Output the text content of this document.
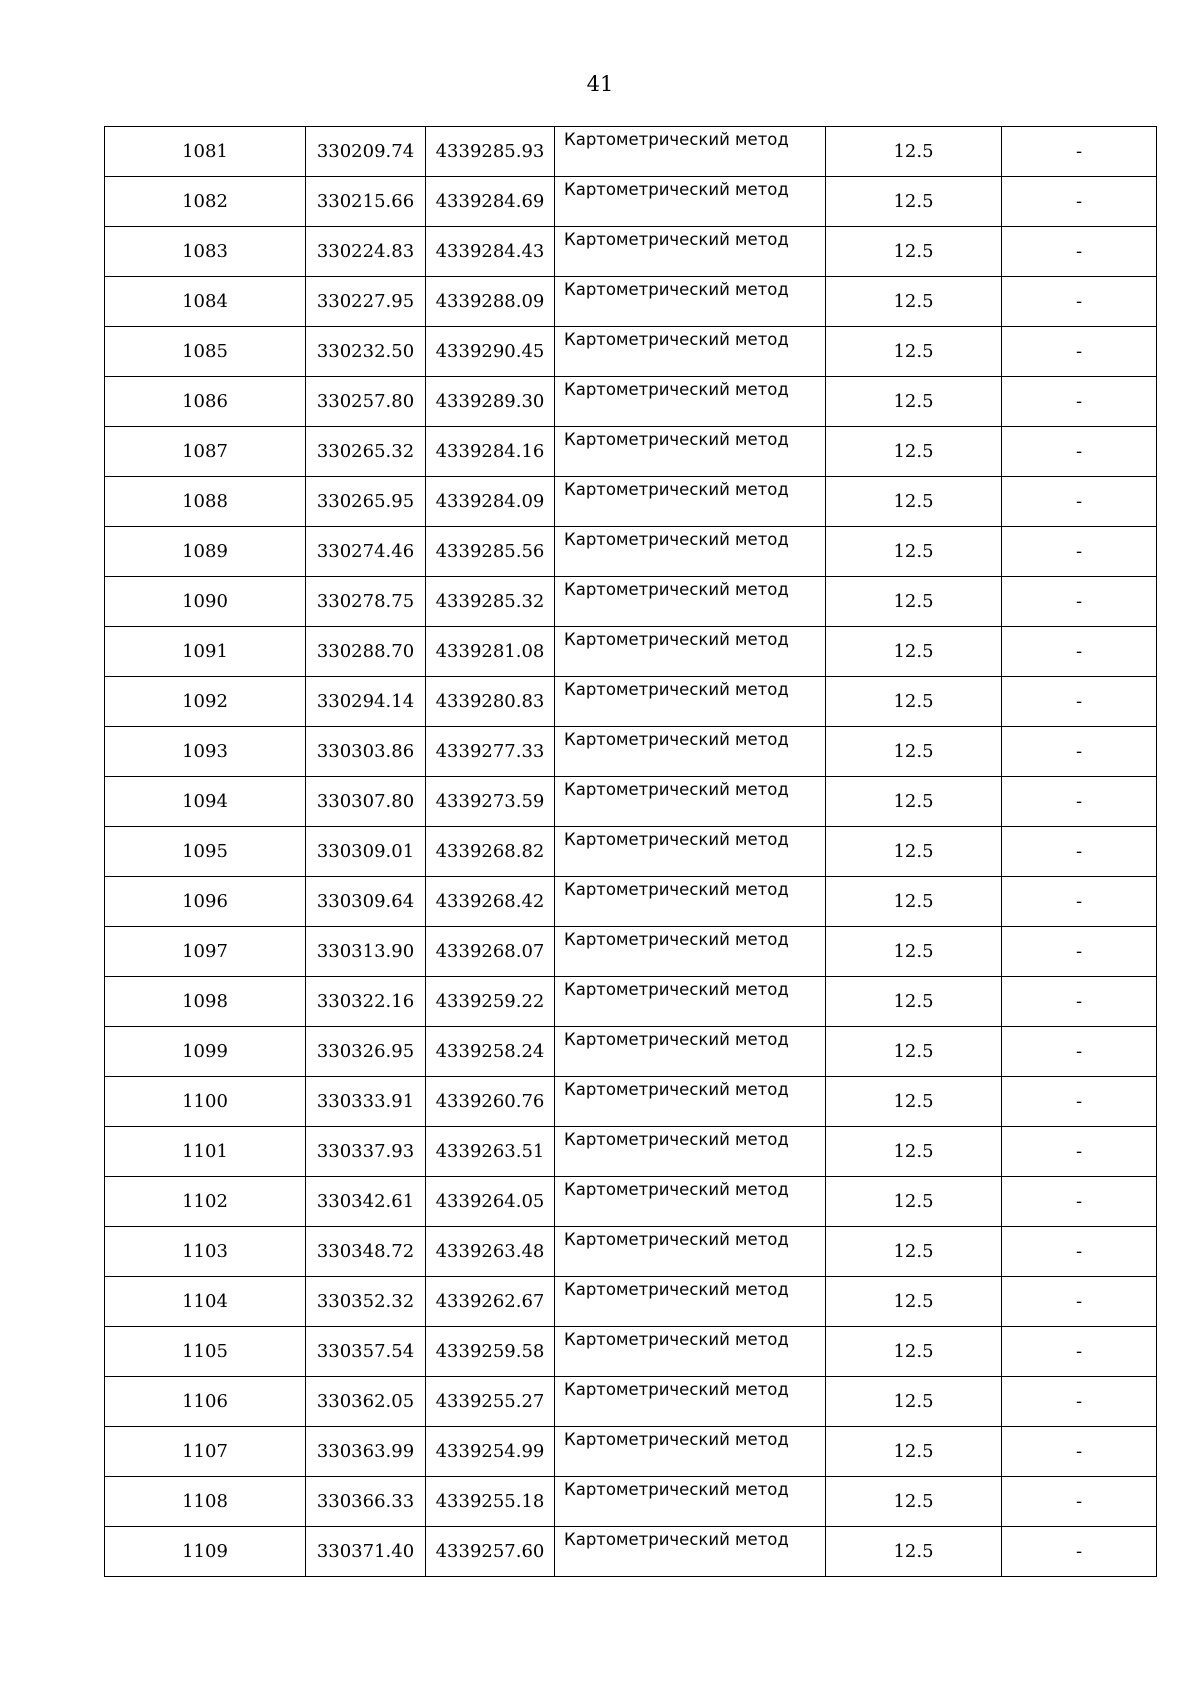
41
1081	330209.74	4339285.93	Картометрический метод	12.5	-
1082	330215.66	4339284.69	Картометрический метод	12.5	-
1083	330224.83	4339284.43	Картометрический метод	12.5	-
1084	330227.95	4339288.09	Картометрический метод	12.5	-
1085	330232.50	4339290.45	Картометрический метод	12.5	-
1086	330257.80	4339289.30	Картометрический метод	12.5	-
1087	330265.32	4339284.16	Картометрический метод	12.5	-
1088	330265.95	4339284.09	Картометрический метод	12.5	-
1089	330274.46	4339285.56	Картометрический метод	12.5	-
1090	330278.75	4339285.32	Картометрический метод	12.5	-
1091	330288.70	4339281.08	Картометрический метод	12.5	-
1092	330294.14	4339280.83	Картометрический метод	12.5	-
1093	330303.86	4339277.33	Картометрический метод	12.5	-
1094	330307.80	4339273.59	Картометрический метод	12.5	-
1095	330309.01	4339268.82	Картометрический метод	12.5	-
1096	330309.64	4339268.42	Картометрический метод	12.5	-
1097	330313.90	4339268.07	Картометрический метод	12.5	-
1098	330322.16	4339259.22	Картометрический метод	12.5	-
1099	330326.95	4339258.24	Картометрический метод	12.5	-
1100	330333.91	4339260.76	Картометрический метод	12.5	-
1101	330337.93	4339263.51	Картометрический метод	12.5	-
1102	330342.61	4339264.05	Картометрический метод	12.5	-
1103	330348.72	4339263.48	Картометрический метод	12.5	-
1104	330352.32	4339262.67	Картометрический метод	12.5	-
1105	330357.54	4339259.58	Картометрический метод	12.5	-
1106	330362.05	4339255.27	Картометрический метод	12.5	-
1107	330363.99	4339254.99	Картометрический метод	12.5	-
1108	330366.33	4339255.18	Картометрический метод	12.5	-
1109	330371.40	4339257.60	Картометрический метод	12.5	-
